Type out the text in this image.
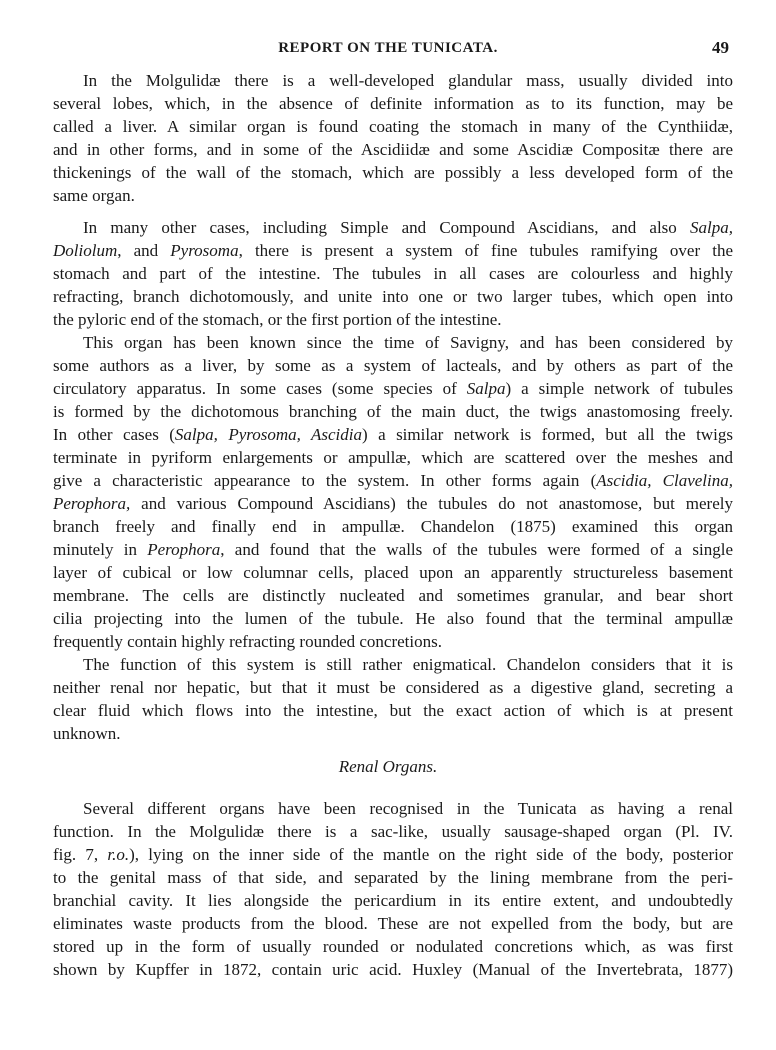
REPORT ON THE TUNICATA.	49
In the Molgulidæ there is a well-developed glandular mass, usually divided into
several lobes, which, in the absence of definite information as to its function, may be
called a liver. A similar organ is found coating the stomach in many of the Cynthiidæ,
and in other forms, and in some of the Ascidiidæ and some Ascidiæ Compositæ there are
thickenings of the wall of the stomach, which are possibly a less developed form of the
same organ.
In many other cases, including Simple and Compound Ascidians, and also Salpa,
Doliolum, and Pyrosoma, there is present a system of fine tubules ramifying over the
stomach and part of the intestine. The tubules in all cases are colourless and highly
refracting, branch dichotomously, and unite into one or two larger tubes, which open into
the pyloric end of the stomach, or the first portion of the intestine.
This organ has been known since the time of Savigny, and has been considered by
some authors as a liver, by some as a system of lacteals, and by others as part of the
circulatory apparatus. In some cases (some species of Salpa) a simple network of tubules
is formed by the dichotomous branching of the main duct, the twigs anastomosing freely.
In other cases (Salpa, Pyrosoma, Ascidia) a similar network is formed, but all the twigs
terminate in pyriform enlargements or ampullæ, which are scattered over the meshes and
give a characteristic appearance to the system. In other forms again (Ascidia, Clavelina,
Perophora, and various Compound Ascidians) the tubules do not anastomose, but merely
branch freely and finally end in ampullæ. Chandelon (1875) examined this organ
minutely in Perophora, and found that the walls of the tubules were formed of a single
layer of cubical or low columnar cells, placed upon an apparently structureless basement
membrane. The cells are distinctly nucleated and sometimes granular, and bear short
cilia projecting into the lumen of the tubule. He also found that the terminal ampullæ
frequently contain highly refracting rounded concretions.
The function of this system is still rather enigmatical. Chandelon considers that it is
neither renal nor hepatic, but that it must be considered as a digestive gland, secreting a
clear fluid which flows into the intestine, but the exact action of which is at present
unknown.
Renal Organs.
Several different organs have been recognised in the Tunicata as having a renal
function. In the Molgulidæ there is a sac-like, usually sausage-shaped organ (Pl. IV.
fig. 7, r.o.), lying on the inner side of the mantle on the right side of the body, posterior
to the genital mass of that side, and separated by the lining membrane from the peri-
branchial cavity. It lies alongside the pericardium in its entire extent, and undoubtedly
eliminates waste products from the blood. These are not expelled from the body, but are
stored up in the form of usually rounded or nodulated concretions which, as was first
shown by Kupffer in 1872, contain uric acid. Huxley (Manual of the Invertebrata, 1877)
